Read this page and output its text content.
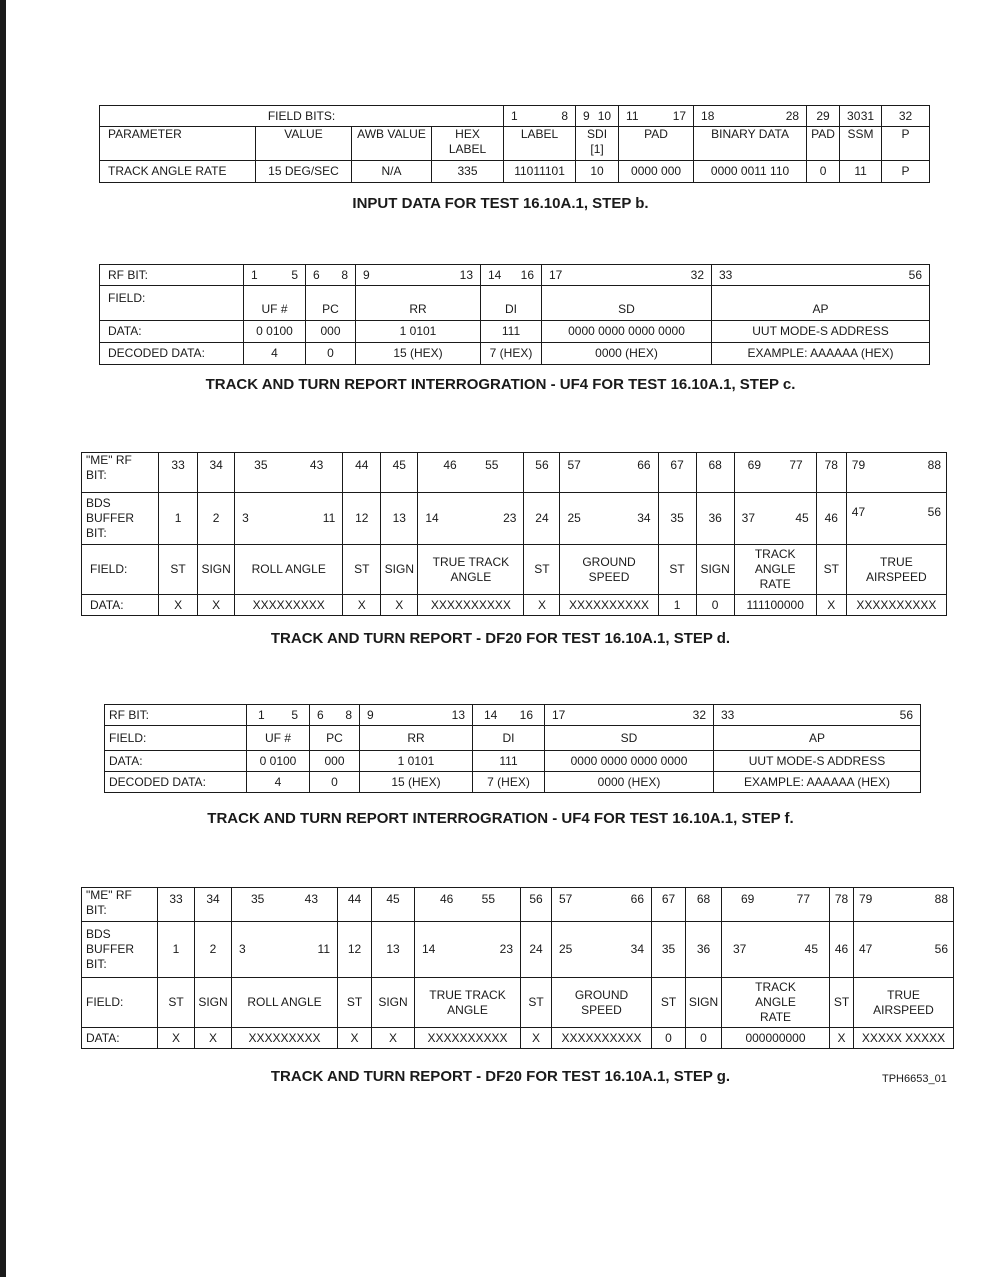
FIELD BITS:				1 8	9 10	11 17	18 28	29	30 31	32
PARAMETER	VALUE	AWB VALUE	HEX LABEL	LABEL	SDI [1]	PAD	BINARY DATA	PAD	SSM	P
TRACK ANGLE RATE	15 DEG/SEC	N/A	335	11011101	10	0000 000	0000 0011 110	0	11	P
INPUT DATA FOR TEST 16.10A.1, STEP b.
RF BIT:	1 5	6 8	9 13	14 16	17 32	33 56

FIELD:	UF #	PC	RR	DI	SD	AP
DATA:	0 0100	000	1 0101	111	0000 0000 0000 0000	UUT MODE-S ADDRESS
DECODED DATA:	4	0	15 (HEX)	7 (HEX)	0000 (HEX)	EXAMPLE: AAAAAA (HEX)
TRACK AND TURN REPORT INTERROGRATION - UF4 FOR TEST 16.10A.1, STEP c.
"ME" RF BIT:	33	34	35 43	44	45	46 55	56	57 66	67	68	69 77	78	79 88

BDS BUFFER BIT:	1	2	3 11	12	13	14 23	24	25 34	35	36	37 45	46	47 56

FIELD:	ST	SIGN	ROLL ANGLE	ST	SIGN	TRUE TRACK ANGLE	ST	GROUND SPEED	ST	SIGN	TRACK ANGLE RATE	ST	TRUE AIRSPEED
DATA:	X	X	XXXXXXXXX	X	X	XXXXXXXXXX	X	XXXXXXXXXX	1	0	111100000	X	XXXXXXXXXX
TRACK AND TURN REPORT - DF20 FOR TEST 16.10A.1, STEP d.
RF BIT:	1 5	6 8	9 13	14 16	17 32	33 56

FIELD:	UF #	PC	RR	DI	SD	AP
DATA:	0 0100	000	1 0101	111	0000 0000 0000 0000	UUT MODE-S ADDRESS
DECODED DATA:	4	0	15 (HEX)	7 (HEX)	0000 (HEX)	EXAMPLE: AAAAAA (HEX)
TRACK AND TURN REPORT INTERROGRATION - UF4 FOR TEST 16.10A.1, STEP f.
"ME" RF BIT:	33	34	35 43	44	45	46 55	56	57 66	67	68	69 77	78	79 88

BDS BUFFER BIT:	1	2	3 11	12	13	14 23	24	25 34	35	36	37 45	46	47 56

FIELD:	ST	SIGN	ROLL ANGLE	ST	SIGN	TRUE TRACK ANGLE	ST	GROUND SPEED	ST	SIGN	TRACK ANGLE RATE	ST	TRUE AIRSPEED
DATA:	X	X	XXXXXXXXX	X	X	XXXXXXXXXX	X	XXXXXXXXXX	0	0	000000000	X	XXXXX XXXXX
TRACK AND TURN REPORT - DF20 FOR TEST 16.10A.1, STEP g.	TPH6653_01
